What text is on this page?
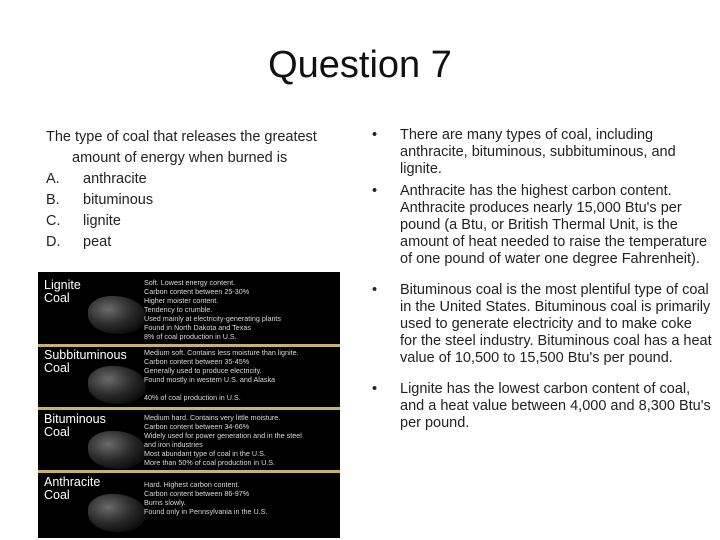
Question 7
The type of coal that releases the greatest amount of energy when burned is
A.	anthracite
B.	bituminous
C.	lignite
D.	peat
Lignite
Coal
Soft. Lowest energy content.
Carbon content between 25-30%
Higher moister content.
Tendency to crumble.
Used mainly at electricity-generating plants
Found in North Dakota and Texas
8% of coal production in U.S.
Subbituminous
Coal
Medium soft. Contains less moisture than lignite.
Carbon content between 35-45%
Generally used to produce electricity.
Found mostly in western U.S. and Alaska
40% of coal production in U.S.
Bituminous
Coal
Medium hard. Contains very little moisture.
Carbon content between 34-66%
Widely used for power generation and in the steel
and iron industries
Most abundant type of coal in the U.S.
More than 50% of coal production in U.S.
Anthracite
Coal
Hard. Highest carbon content.
Carbon content between 86-97%
Burns slowly.
Found only in Pennsylvania in the U.S.
• There are many types of coal, including anthracite, bituminous, subbituminous, and lignite.
• Anthracite has the highest carbon content. Anthracite produces nearly 15,000 Btu's per pound (a Btu, or British Thermal Unit, is the amount of heat needed to raise the temperature of one pound of water one degree Fahrenheit).
• Bituminous coal is the most plentiful type of coal in the United States. Bituminous coal is primarily used to generate electricity and to make coke for the steel industry. Bituminous coal has a heat value of 10,500 to 15,500 Btu's per pound.
• Lignite has the lowest carbon content of coal, and a heat value between 4,000 and 8,300 Btu's per pound.
